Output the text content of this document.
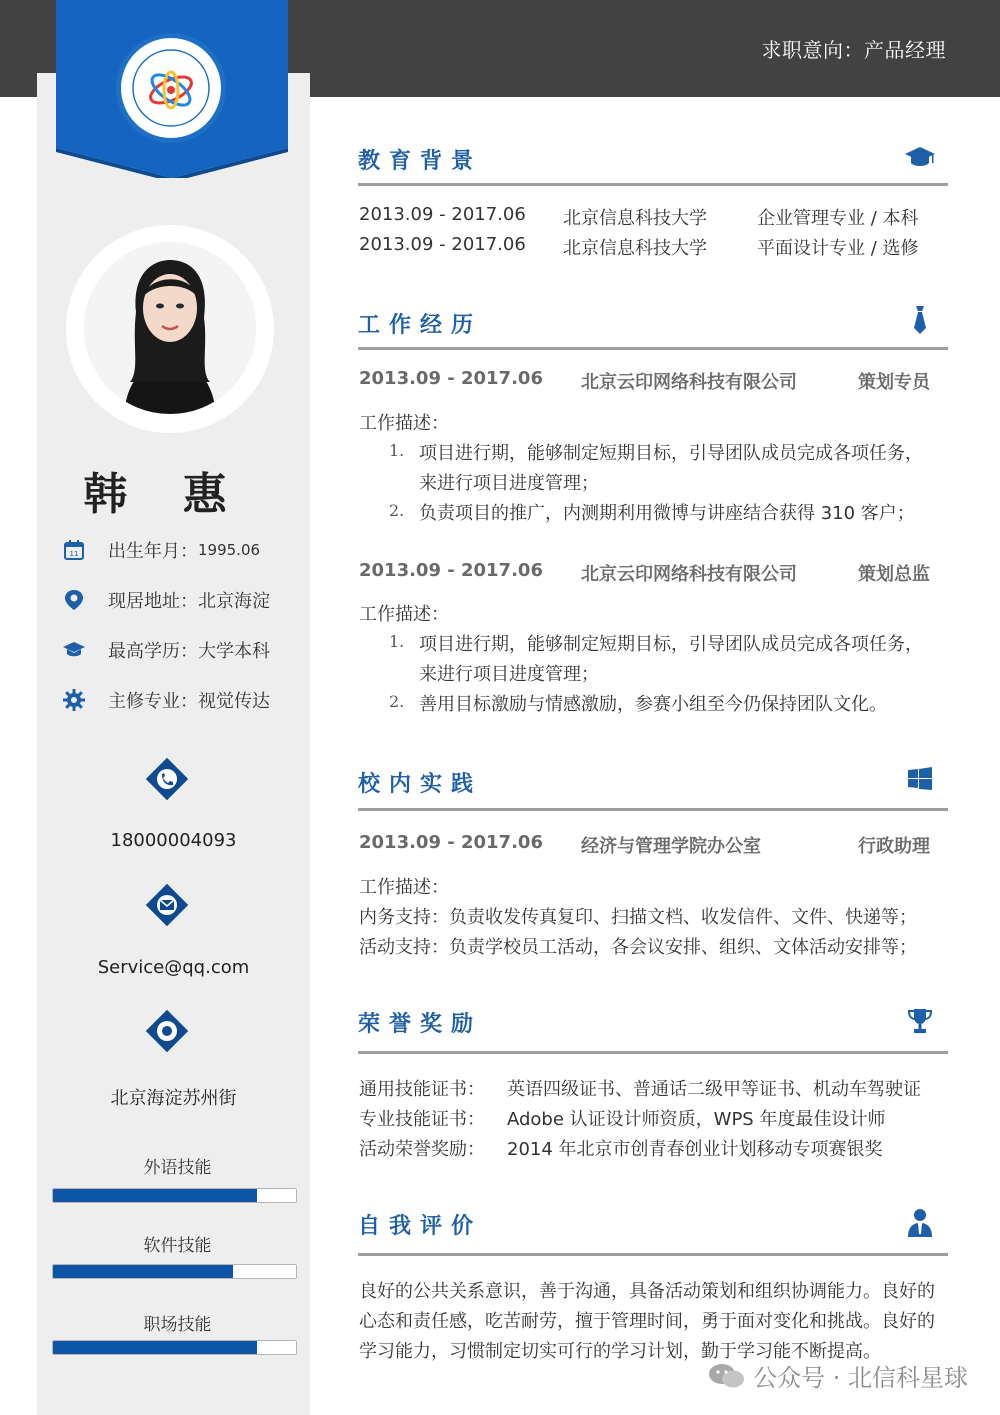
求职意向：产品经理
韩 惠
11 出生年月： 1995.06
现居地址： 北京海淀
最高学历： 大学本科
主修专业： 视觉传达
18000004093
Service@qq.com
北京海淀苏州街
外语技能
软件技能
职场技能
教育背景
2013.09 - 2017.06 北京信息科技大学	企业管理专业 / 本科
2013.09 - 2017.06 北京信息科技大学	平面设计专业 / 选修
工作经历
2013.09 - 2017.06 北京云印网络科技有限公司	策划专员
工作描述：
1. 项目进行期，能够制定短期目标，引导团队成员完成各项任务，
来进行项目进度管理；
2. 负责项目的推广，内测期利用微博与讲座结合获得 310 客户；
2013.09 - 2017.06 北京云印网络科技有限公司	策划总监
工作描述：
1. 项目进行期，能够制定短期目标，引导团队成员完成各项任务，
来进行项目进度管理；
2. 善用目标激励与情感激励，参赛小组至今仍保持团队文化。
校内实践
2013.09 - 2017.06 经济与管理学院办公室	行政助理
工作描述：
内务支持：负责收发传真复印、扫描文档、收发信件、文件、快递等；
活动支持：负责学校员工活动，各会议安排、组织、文体活动安排等；
荣誉奖励
通用技能证书： 英语四级证书、普通话二级甲等证书、机动车驾驶证
专业技能证书： Adobe 认证设计师资质，WPS 年度最佳设计师
活动荣誉奖励： 2014 年北京市创青春创业计划移动专项赛银奖
自我评价
良好的公共关系意识，善于沟通，具备活动策划和组织协调能力。良好的
心态和责任感，吃苦耐劳，擅于管理时间，勇于面对变化和挑战。良好的
学习能力，习惯制定切实可行的学习计划，勤于学习能不断提高。
公众号 · 北信科星球
